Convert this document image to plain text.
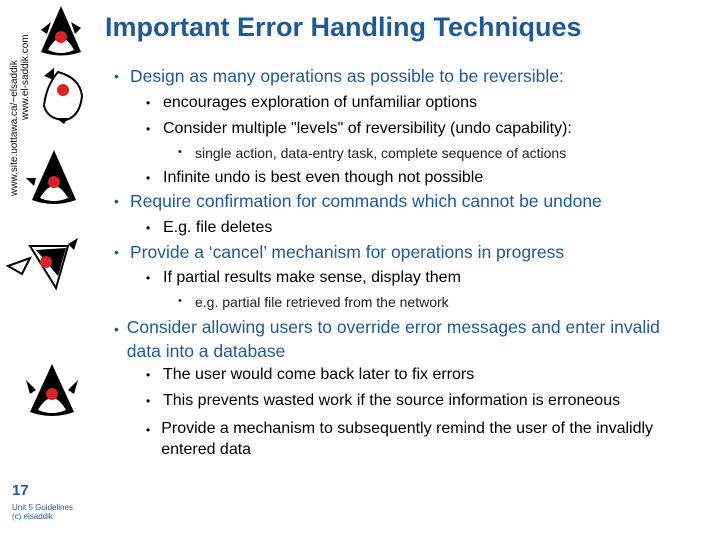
www.site.uottawa.ca/~elsaddik www.el-saddik.com
Important Error Handling Techniques
• Design as many operations as possible to be reversible:
• encourages exploration of unfamiliar options
• Consider multiple "levels" of reversibility (undo capability):
• single action, data-entry task, complete sequence of actions
• Infinite undo is best even though not possible
• Require confirmation for commands which cannot be undone
• E.g. file deletes
• Provide a ‘cancel’ mechanism for operations in progress
• If partial results make sense, display them
• e.g. partial file retrieved from the network
• Consider allowing users to override error messages and enter invalid data into a database
• The user would come back later to fix errors
• This prevents wasted work if the source information is erroneous
• Provide a mechanism to subsequently remind the user of the invalidly entered data
17
Unit 5 Guidelines
(c) elsaddik
